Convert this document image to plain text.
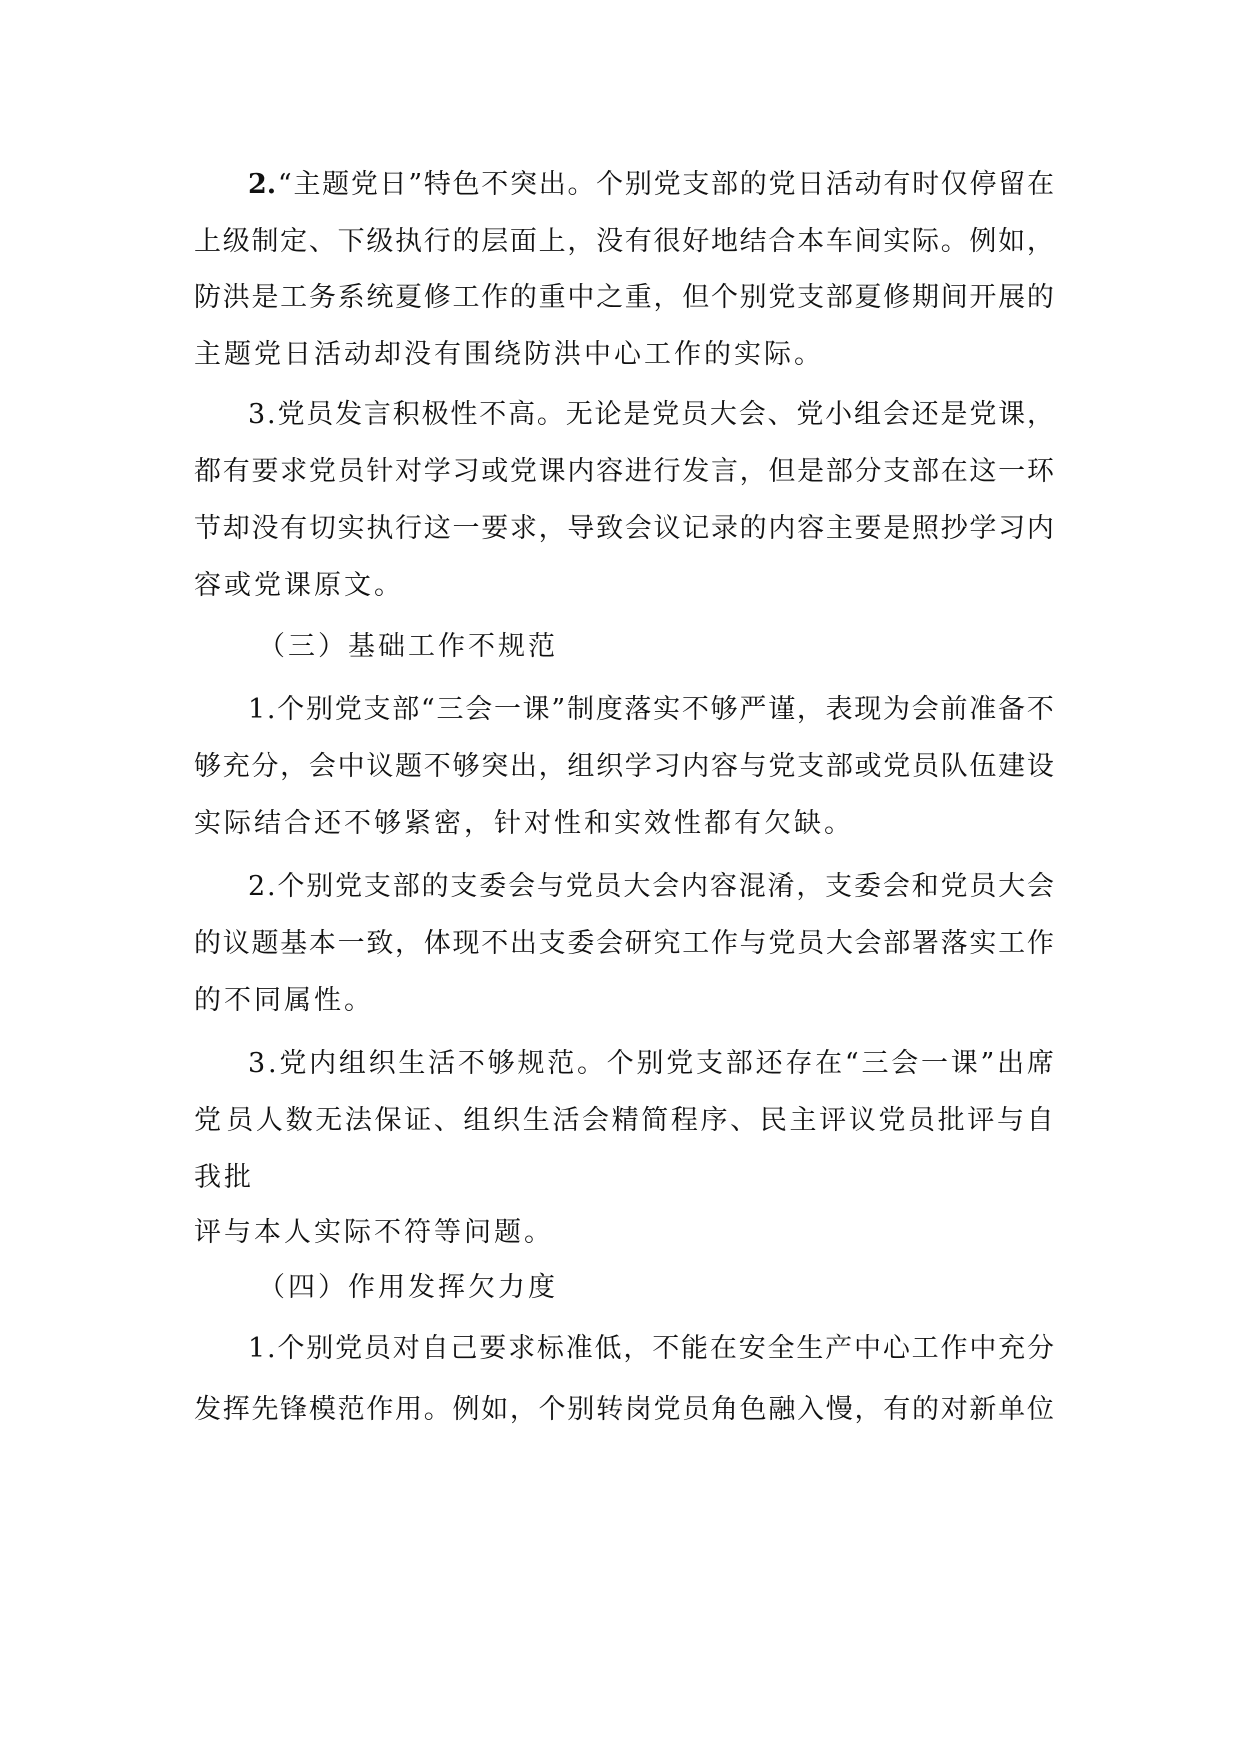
2. “ 主 题 党 日 ” 特 色 不 突 出 。 个 别 党 支 部 的 党 日 活 动 有 时 仅 停 留 在
上 级 制 定 、 下 级 执 行 的 层 面 上 ， 没 有 很 好 地 结 合 本 车 间 实 际 。 例 如 ，
防 洪 是 工 务 系 统 夏 修 工 作 的 重 中 之 重 ， 但 个 别 党 支 部 夏 修 期 间 开 展 的
主题党日活动却没有围绕防洪中心工作的实际。
3 . 党 员 发 言 积 极 性 不 高 。 无 论 是 党 员 大 会 、 党 小 组 会 还 是 党 课 ，
都 有 要 求 党 员 针 对 学 习 或 党 课 内 容 进 行 发 言 ， 但 是 部 分 支 部 在 这 一 环
节 却 没 有 切 实 执 行 这 一 要 求 ， 导 致 会 议 记 录 的 内 容 主 要 是 照 抄 学 习 内
容或党课原文。
（三）基础工作不规范
1 . 个 别 党 支 部 “ 三 会 一 课 ” 制 度 落 实 不 够 严 谨 ， 表 现 为 会 前 准 备 不
够 充 分 ， 会 中 议 题 不 够 突 出 ， 组 织 学 习 内 容 与 党 支 部 或 党 员 队 伍 建 设
实际结合还不够紧密，针对性和实效性都有欠缺。
2 . 个 别 党 支 部 的 支 委 会 与 党 员 大 会 内 容 混 淆 ， 支 委 会 和 党 员 大 会
的 议 题 基 本 一 致 ， 体 现 不 出 支 委 会 研 究 工 作 与 党 员 大 会 部 署 落 实 工 作
的不同属性。
3 . 党 内 组 织 生 活 不 够 规 范 。 个 别 党 支 部 还 存 在 “ 三 会 一 课 ” 出 席
党 员 人 数 无 法 保 证 、 组 织 生 活 会 精 简 程 序 、 民 主 评 议 党 员 批 评 与 自
我批
评与本人实际不符等问题。
（四）作用发挥欠力度
1 . 个 别 党 员 对 自 己 要 求 标 准 低 ， 不 能 在 安 全 生 产 中 心 工 作 中 充 分
发 挥 先 锋 模 范 作 用 。 例 如 ， 个 别 转 岗 党 员 角 色 融 入 慢 ， 有 的 对 新 单 位
